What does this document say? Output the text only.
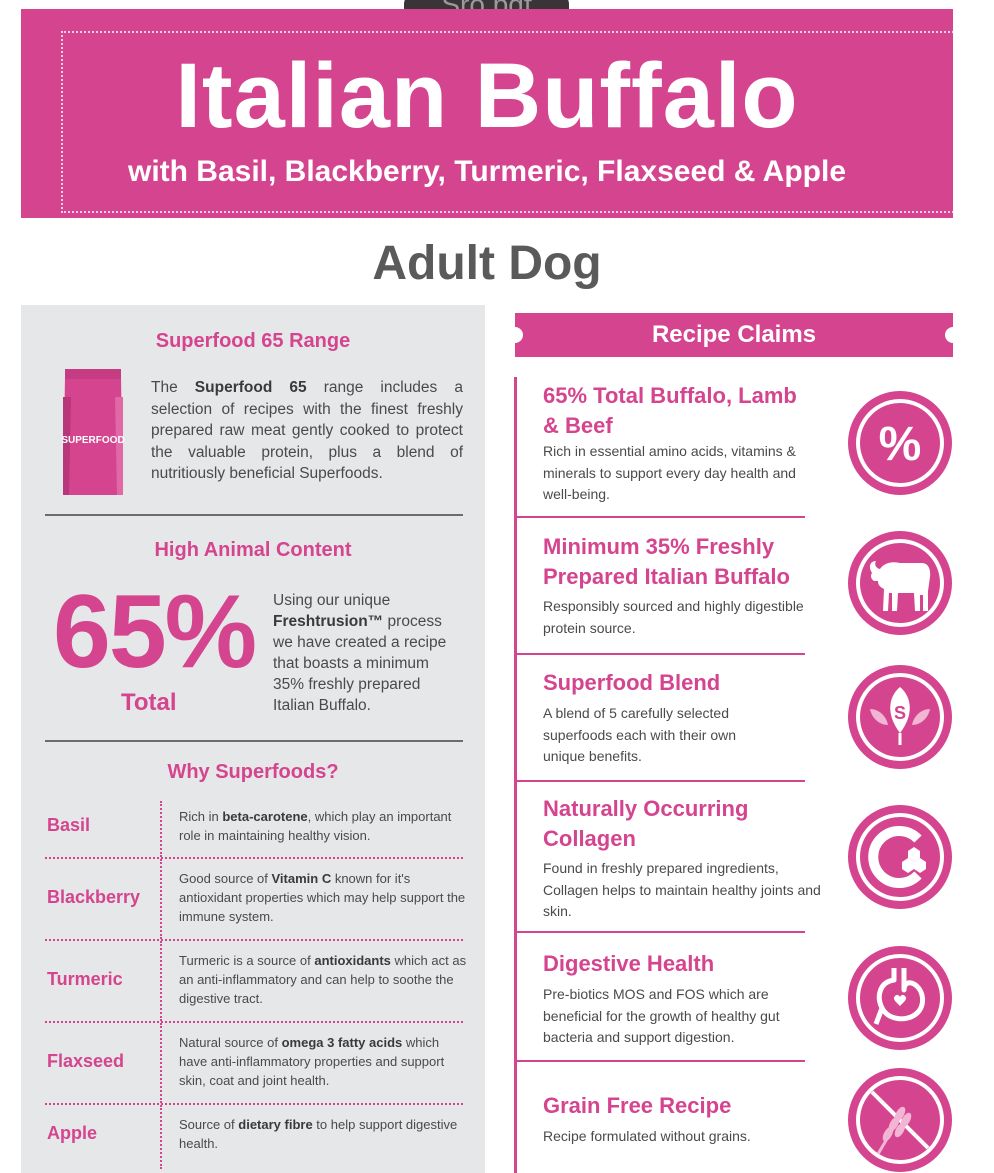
Italian Buffalo
with Basil, Blackberry, Turmeric, Flaxseed & Apple
Adult Dog
Superfood 65 Range
SUPERFOOD
The Superfood 65 range includes a selection of recipes with the finest freshly prepared raw meat gently cooked to protect the valuable protein, plus a blend of nutritiously beneficial Superfoods.
High Animal Content
65%
Total
Using our unique Freshtrusion™ process we have created a recipe that boasts a minimum 35% freshly prepared Italian Buffalo.
Why Superfoods?
Basil	Rich in beta-carotene, which play an important role in maintaining healthy vision.
Blackberry
Good source of Vitamin C known for it's antioxidant properties which may help support the immune system.
Turmeric
Turmeric is a source of antioxidants which act as an anti-inflammatory and can help to soothe the digestive tract.
Flaxseed
Natural source of omega 3 fatty acids which have anti-inflammatory properties and support skin, coat and joint health.
Apple	Source of dietary fibre to help support digestive health.
Recipe Claims
65% Total Buffalo, Lamb & Beef
Rich in essential amino acids, vitamins & minerals to support every day health and well-being.
%
Minimum 35% Freshly Prepared Italian Buffalo
Responsibly sourced and highly digestible protein source.
Superfood Blend
A blend of 5 carefully selected superfoods each with their own unique benefits.
S
Naturally Occurring Collagen
Found in freshly prepared ingredients, Collagen helps to maintain healthy joints and skin.
Digestive Health
Pre-biotics MOS and FOS which are beneficial for the growth of healthy gut bacteria and support digestion.
Grain Free Recipe
Recipe formulated without grains.
